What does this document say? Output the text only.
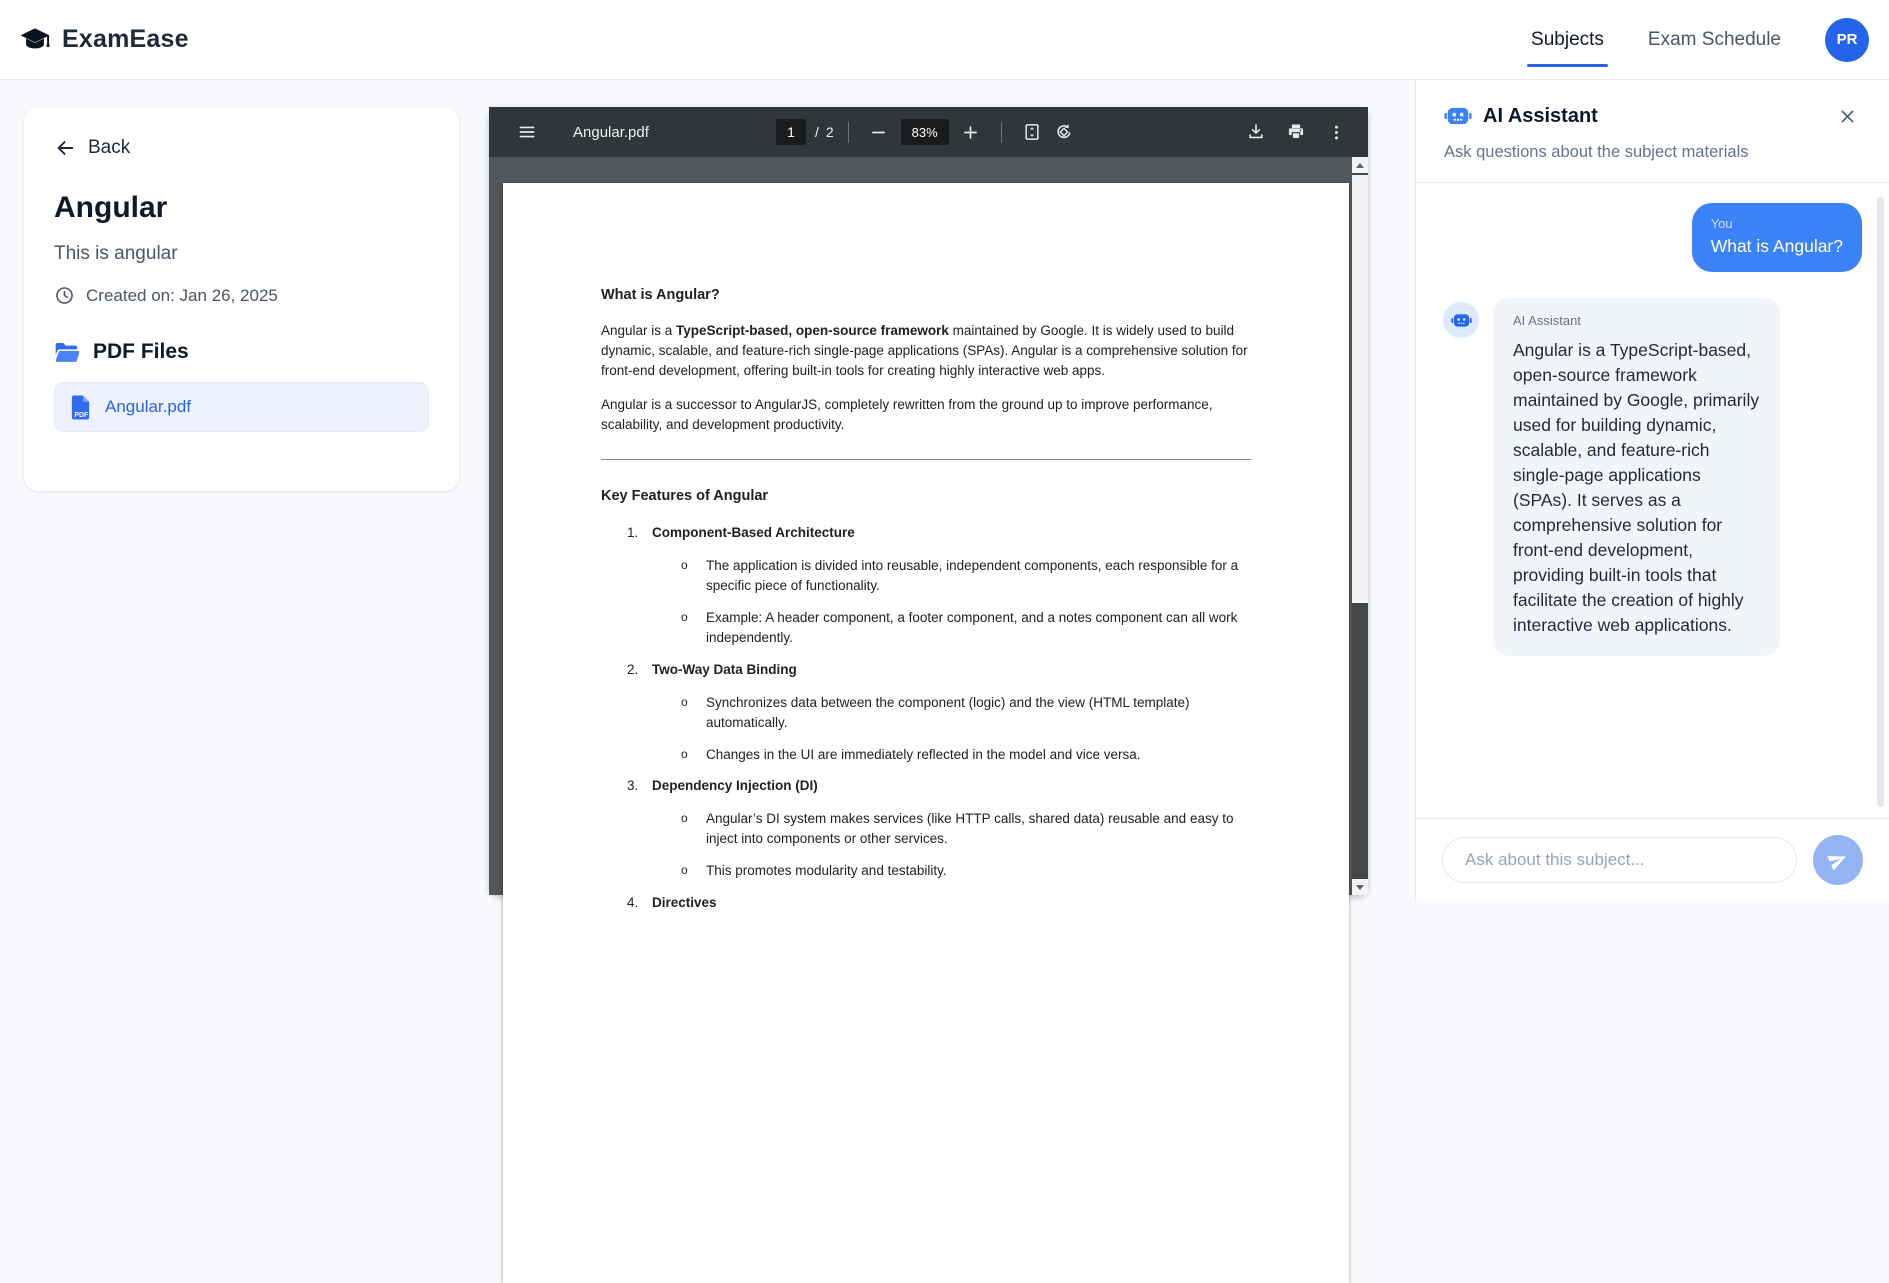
ExamEase	Subjects Exam Schedule	PR
Back
Angular

This is angular

Created on: Jan 26, 2025
PDF Files
PDF Angular.pdf
Angular.pdf	1	/ 2	83%
What is Angular?

Angular is a TypeScript-based, open-source framework maintained by Google. It is widely used to build dynamic, scalable, and feature-rich single-page applications (SPAs). Angular is a comprehensive solution for front-end development, offering built-in tools for creating highly interactive web apps.

Angular is a successor to AngularJS, completely rewritten from the ground up to improve performance, scalability, and development productivity.

Key Features of Angular
1.	Component-Based Architecture
o	The application is divided into reusable, independent components, each responsible for a specific piece of functionality.
o	Example: A header component, a footer component, and a notes component can all work independently.
2.	Two-Way Data Binding
o	Synchronizes data between the component (logic) and the view (HTML template) automatically.
o	Changes in the UI are immediately reflected in the model and vice versa.
3.	Dependency Injection (DI)
o	Angular’s DI system makes services (like HTTP calls, shared data) reusable and easy to inject into components or other services.
o	This promotes modularity and testability.
4.	Directives
AI Assistant
Ask questions about the subject materials
You
What is Angular?
AI Assistant
Angular is a TypeScript-based, open-source framework maintained by Google, primarily used for building dynamic, scalable, and feature-rich single-page applications (SPAs). It serves as a comprehensive solution for front-end development, providing built-in tools that facilitate the creation of highly interactive web applications.
Ask about this subject...
